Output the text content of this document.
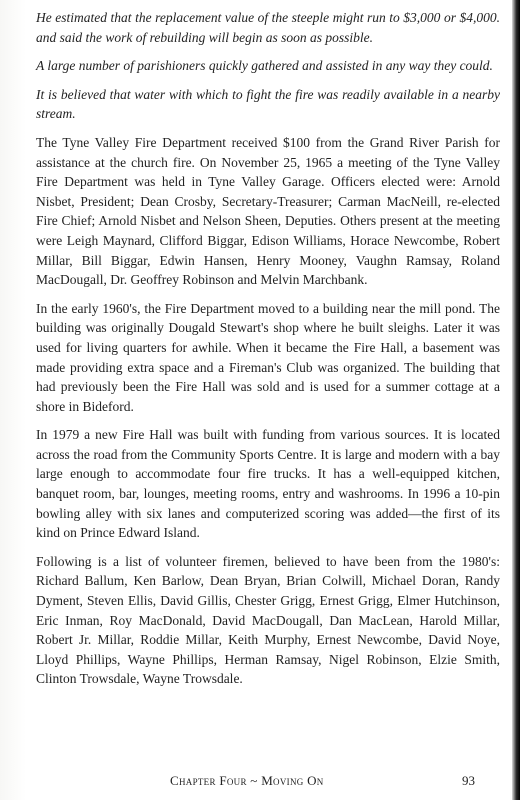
He estimated that the replacement value of the steeple might run to $3,000 or $4,000. and said the work of rebuilding will begin as soon as possible.

A large number of parishioners quickly gathered and assisted in any way they could.

It is believed that water with which to fight the fire was readily available in a nearby stream.

The Tyne Valley Fire Department received $100 from the Grand River Parish for assistance at the church fire. On November 25, 1965 a meeting of the Tyne Valley Fire Department was held in Tyne Valley Garage. Officers elected were: Arnold Nisbet, President; Dean Crosby, Secretary-Treasurer; Carman MacNeill, re-elected Fire Chief; Arnold Nisbet and Nelson Sheen, Deputies. Others present at the meeting were Leigh Maynard, Clifford Biggar, Edison Williams, Horace Newcombe, Robert Millar, Bill Biggar, Edwin Hansen, Henry Mooney, Vaughn Ramsay, Roland MacDougall, Dr. Geoffrey Robinson and Melvin Marchbank.

In the early 1960's, the Fire Department moved to a building near the mill pond. The building was originally Dougald Stewart's shop where he built sleighs. Later it was used for living quarters for awhile. When it became the Fire Hall, a basement was made providing extra space and a Fireman's Club was organized. The building that had previously been the Fire Hall was sold and is used for a summer cottage at a shore in Bideford.

In 1979 a new Fire Hall was built with funding from various sources. It is located across the road from the Community Sports Centre. It is large and modern with a bay large enough to accommodate four fire trucks. It has a well-equipped kitchen, banquet room, bar, lounges, meeting rooms, entry and washrooms. In 1996 a 10-pin bowling alley with six lanes and computerized scoring was added—the first of its kind on Prince Edward Island.

Following is a list of volunteer firemen, believed to have been from the 1980's: Richard Ballum, Ken Barlow, Dean Bryan, Brian Colwill, Michael Doran, Randy Dyment, Steven Ellis, David Gillis, Chester Grigg, Ernest Grigg, Elmer Hutchinson, Eric Inman, Roy MacDonald, David MacDougall, Dan MacLean, Harold Millar, Robert Jr. Millar, Roddie Millar, Keith Murphy, Ernest Newcombe, David Noye, Lloyd Phillips, Wayne Phillips, Herman Ramsay, Nigel Robinson, Elzie Smith, Clinton Trowsdale, Wayne Trowsdale.

Chapter Four ~ Moving On	93
